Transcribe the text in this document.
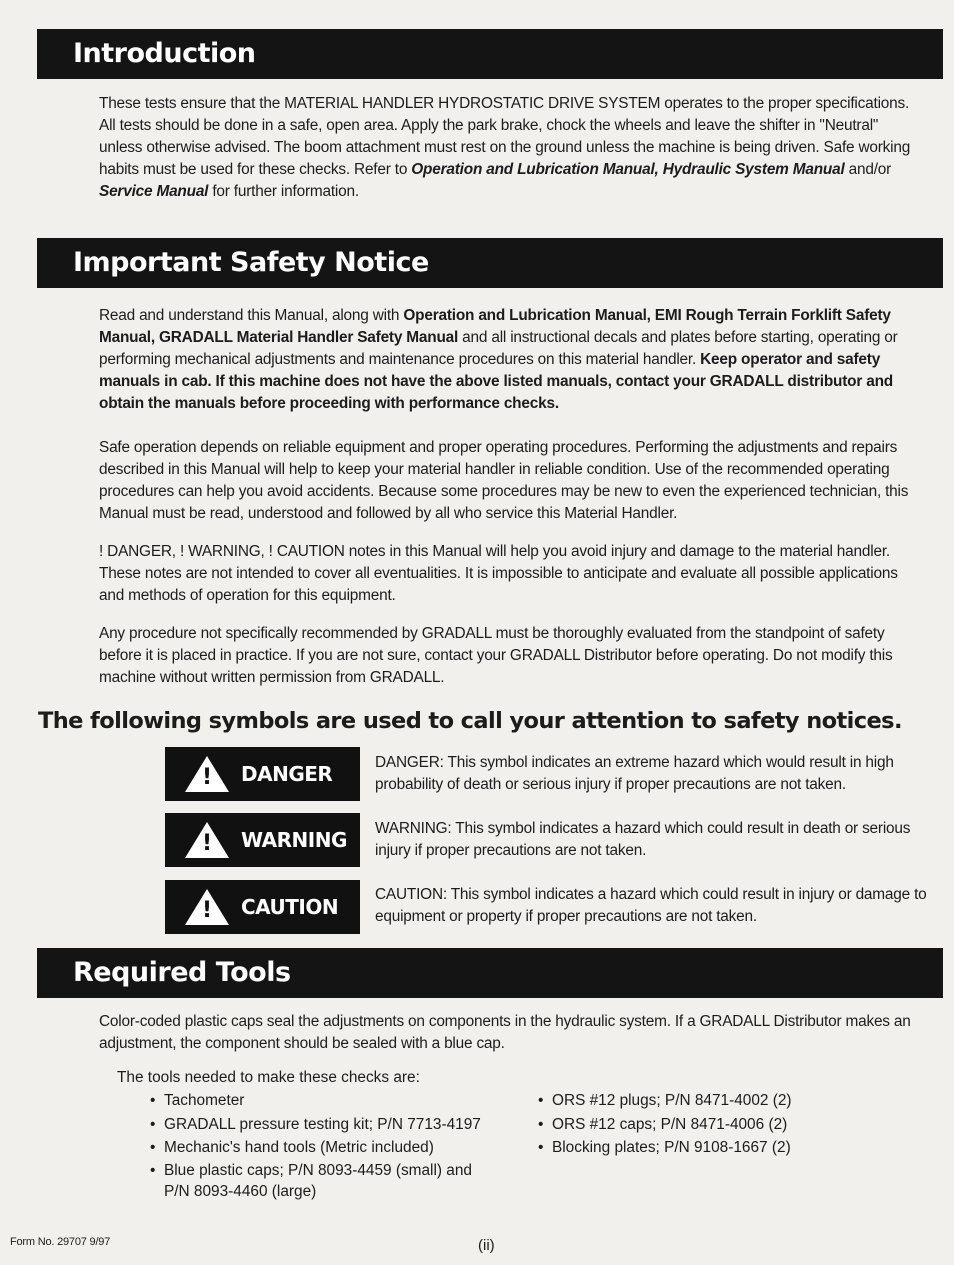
Introduction
These tests ensure that the MATERIAL HANDLER HYDROSTATIC DRIVE SYSTEM operates to the proper specifications. All tests should be done in a safe, open area. Apply the park brake, chock the wheels and leave the shifter in "Neutral" unless otherwise advised. The boom attachment must rest on the ground unless the machine is being driven. Safe working habits must be used for these checks. Refer to Operation and Lubrication Manual, Hydraulic System Manual and/or Service Manual for further information.
Important Safety Notice
Read and understand this Manual, along with Operation and Lubrication Manual, EMI Rough Terrain Forklift Safety Manual, GRADALL Material Handler Safety Manual and all instructional decals and plates before starting, operating or performing mechanical adjustments and maintenance procedures on this material handler. Keep operator and safety manuals in cab. If this machine does not have the above listed manuals, contact your GRADALL distributor and obtain the manuals before proceeding with performance checks.
Safe operation depends on reliable equipment and proper operating procedures. Performing the adjustments and repairs described in this Manual will help to keep your material handler in reliable condition. Use of the recommended operating procedures can help you avoid accidents. Because some procedures may be new to even the experienced technician, this Manual must be read, understood and followed by all who service this Material Handler.
! DANGER, ! WARNING, ! CAUTION notes in this Manual will help you avoid injury and damage to the material handler. These notes are not intended to cover all eventualities. It is impossible to anticipate and evaluate all possible applications and methods of operation for this equipment.
Any procedure not specifically recommended by GRADALL must be thoroughly evaluated from the standpoint of safety before it is placed in practice. If you are not sure, contact your GRADALL Distributor before operating. Do not modify this machine without written permission from GRADALL.
The following symbols are used to call your attention to safety notices.
! DANGER	DANGER: This symbol indicates an extreme hazard which would result in high probability of death or serious injury if proper precautions are not taken.
! WARNING WARNING: This symbol indicates a hazard which could result in death or serious injury if proper precautions are not taken.
! CAUTION
CAUTION: This symbol indicates a hazard which could result in injury or damage to equipment or property if proper precautions are not taken.
Required Tools
Color-coded plastic caps seal the adjustments on components in the hydraulic system. If a GRADALL Distributor makes an adjustment, the component should be sealed with a blue cap.
The tools needed to make these checks are:
• Tachometer
• GRADALL pressure testing kit; P/N 7713-4197
• Mechanic's hand tools (Metric included)
• Blue plastic caps; P/N 8093-4459 (small) and P/N 8093-4460 (large)
• ORS #12 plugs; P/N 8471-4002 (2)
• ORS #12 caps; P/N 8471-4006 (2)
• Blocking plates; P/N 9108-1667 (2)
Form No. 29707 9/97	(ii)
